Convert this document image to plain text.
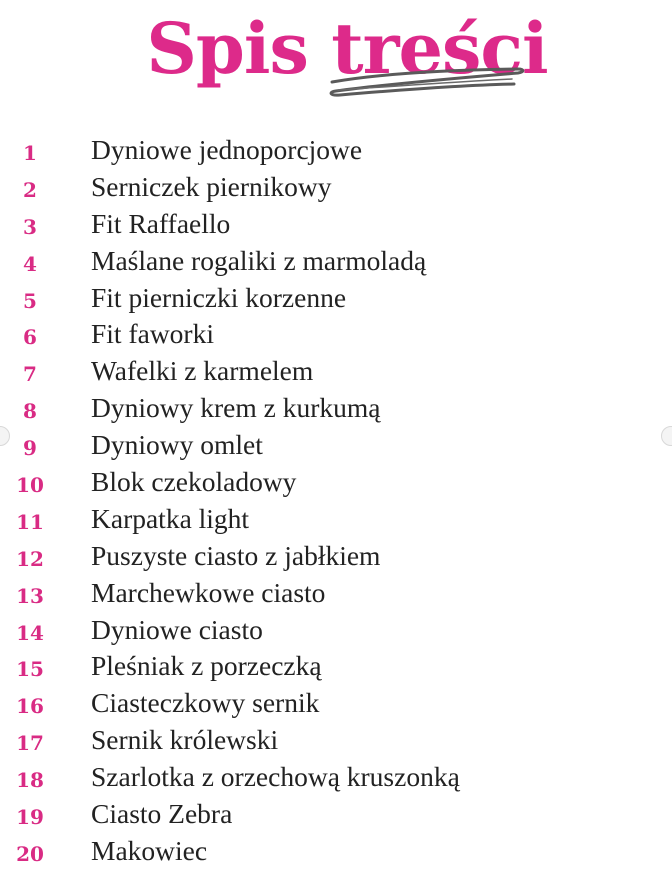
Spis treści
1	Dyniowe jednoporcjowe
2	Serniczek piernikowy
3	Fit Raffaello
4	Maślane rogaliki z marmoladą
5	Fit pierniczki korzenne
6	Fit faworki
7	Wafelki z karmelem
8	Dyniowy krem z kurkumą
9	Dyniowy omlet
10 Blok czekoladowy
11 Karpatka light
12 Puszyste ciasto z jabłkiem
13 Marchewkowe ciasto
14 Dyniowe ciasto
15 Pleśniak z porzeczką
16 Ciasteczkowy sernik
17 Sernik królewski
18 Szarlotka z orzechową kruszonką
19 Ciasto Zebra
20 Makowiec
